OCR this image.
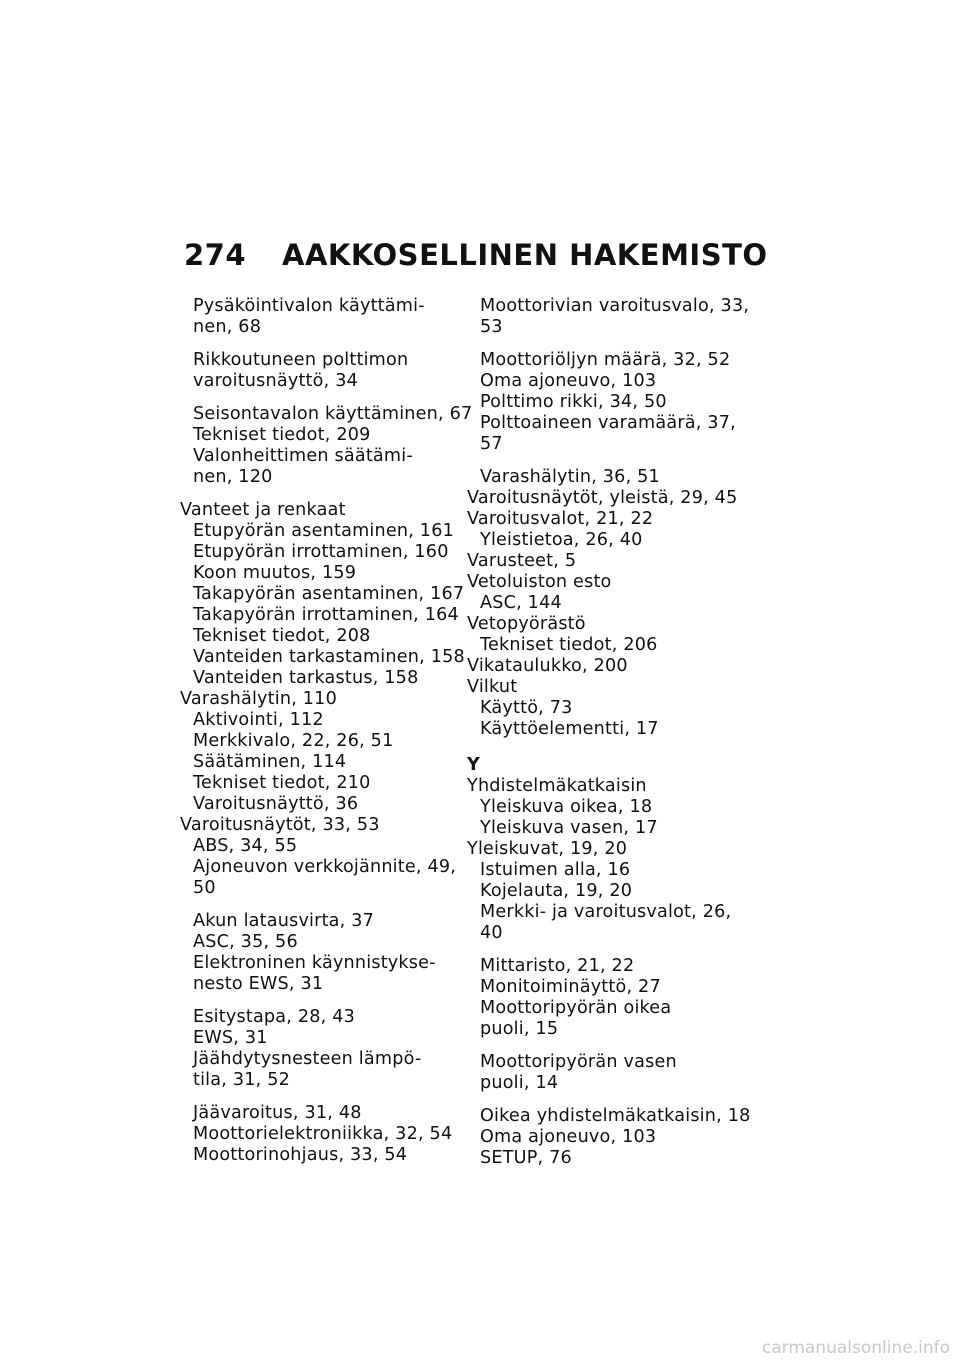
274	AAKKOSELLINEN HAKEMISTO
Pysäköintivalon käyttämi-
nen, 68
Rikkoutuneen polttimon
varoitusnäyttö, 34
Seisontavalon käyttäminen, 67
Tekniset tiedot, 209
Valonheittimen säätämi-
nen, 120
Vanteet ja renkaat
Etupyörän asentaminen, 161
Etupyörän irrottaminen, 160
Koon muutos, 159
Takapyörän asentaminen, 167
Takapyörän irrottaminen, 164
Tekniset tiedot, 208
Vanteiden tarkastaminen, 158
Vanteiden tarkastus, 158
Varashälytin, 110
Aktivointi, 112
Merkkivalo, 22, 26, 51
Säätäminen, 114
Tekniset tiedot, 210
Varoitusnäyttö, 36
Varoitusnäytöt, 33, 53
ABS, 34, 55
Ajoneuvon verkkojännite, 49,
50
Akun latausvirta, 37
ASC, 35, 56
Elektroninen käynnistykse-
nesto EWS, 31
Esitystapa, 28, 43
EWS, 31
Jäähdytysnesteen lämpö-
tila, 31, 52
Jäävaroitus, 31, 48
Moottorielektroniikka, 32, 54
Moottorinohjaus, 33, 54
Moottorivian varoitusvalo, 33,
53
Moottoriöljyn määrä, 32, 52
Oma ajoneuvo, 103
Polttimo rikki, 34, 50
Polttoaineen varamäärä, 37,
57
Varashälytin, 36, 51
Varoitusnäytöt, yleistä, 29, 45
Varoitusvalot, 21, 22
Yleistietoa, 26, 40
Varusteet, 5
Vetoluiston esto
ASC, 144
Vetopyörästö
Tekniset tiedot, 206
Vikataulukko, 200
Vilkut
Käyttö, 73
Käyttöelementti, 17
Y
Yhdistelmäkatkaisin
Yleiskuva oikea, 18
Yleiskuva vasen, 17
Yleiskuvat, 19, 20
Istuimen alla, 16
Kojelauta, 19, 20
Merkki- ja varoitusvalot, 26,
40
Mittaristo, 21, 22
Monitoiminäyttö, 27
Moottoripyörän oikea
puoli, 15
Moottoripyörän vasen
puoli, 14
Oikea yhdistelmäkatkaisin, 18
Oma ajoneuvo, 103
SETUP, 76
carmanualsonline.info
